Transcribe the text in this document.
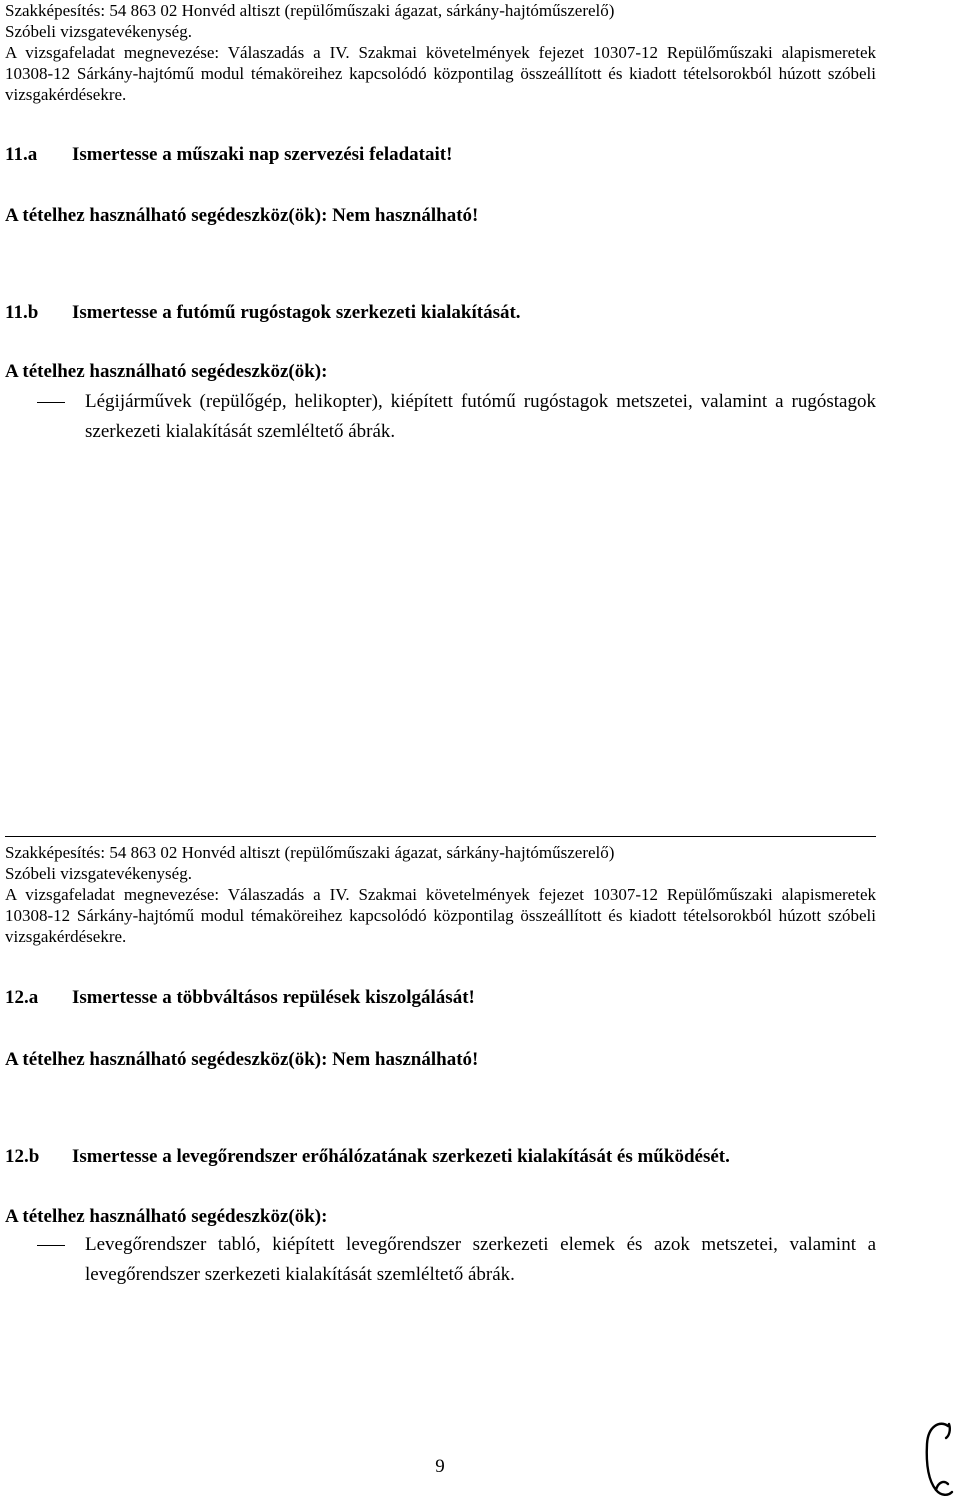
Szakképesítés: 54 863 02 Honvéd altiszt (repülőműszaki ágazat, sárkány-hajtóműszerelő)

Szóbeli vizsgatevékenység.

A vizsgafeladat megnevezése: Válaszadás a IV. Szakmai követelmények fejezet 10307-12 Repülőműszaki alapismeretek 10308-12 Sárkány-hajtómű modul témaköreihez kapcsolódó központilag összeállított és kiadott tételsorokból húzott szóbeli vizsgakérdésekre.

11.a Ismertesse a műszaki nap szervezési feladatait!

A tételhez használható segédeszköz(ök): Nem használható!

11.b Ismertesse a futómű rugóstagok szerkezeti kialakítását.

A tételhez használható segédeszköz(ök):

Légijárművek (repülőgép, helikopter), kiépített futómű rugóstagok metszetei, valamint a rugóstagok szerkezeti kialakítását szemléltető ábrák.

Szakképesítés: 54 863 02 Honvéd altiszt (repülőműszaki ágazat, sárkány-hajtóműszerelő)

Szóbeli vizsgatevékenység.

A vizsgafeladat megnevezése: Válaszadás a IV. Szakmai követelmények fejezet 10307-12 Repülőműszaki alapismeretek 10308-12 Sárkány-hajtómű modul témaköreihez kapcsolódó központilag összeállított és kiadott tételsorokból húzott szóbeli vizsgakérdésekre.

12.a Ismertesse a többváltásos repülések kiszolgálását!

A tételhez használható segédeszköz(ök): Nem használható!

12.b Ismertesse a levegőrendszer erőhálózatának szerkezeti kialakítását és működését.

A tételhez használható segédeszköz(ök):

Levegőrendszer tabló, kiépített levegőrendszer szerkezeti elemek és azok metszetei, valamint a levegőrendszer szerkezeti kialakítását szemléltető ábrák.

9
